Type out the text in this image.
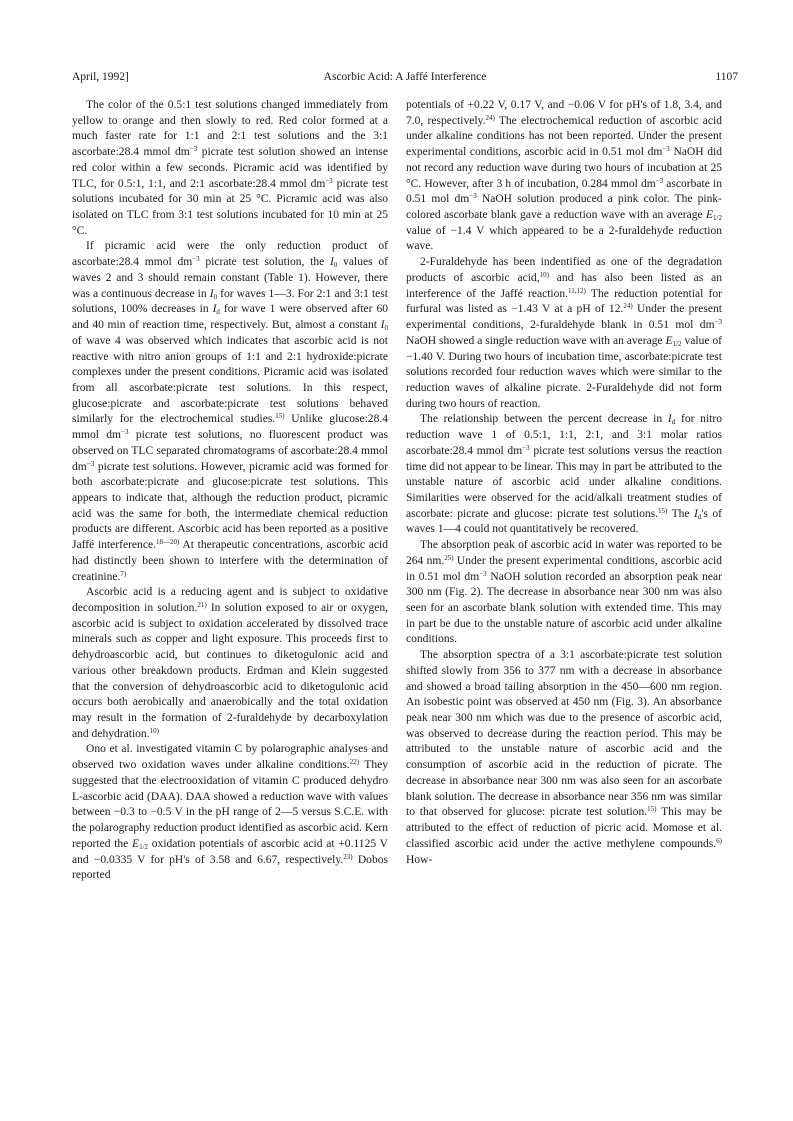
April, 1992]	Ascorbic Acid: A Jaffé Interference	1107

The color of the 0.5:1 test solutions changed immediately from yellow to orange and then slowly to red. Red color formed at a much faster rate for 1:1 and 2:1 test solutions and the 3:1 ascorbate:28.4 mmol $dm^{-3}$ picrate test solution showed an intense red color within a few seconds. Picramic acid was identified by TLC, for 0.5:1, 1:1, and 2:1 ascorbate:28.4 mmol $dm^{-3}$ picrate test solutions incubated for 30 min at 25 °C. Picramic acid was also isolated on TLC from 3:1 test solutions incubated for 10 min at 25 °C.

If picramic acid were the only reduction product of ascorbate:28.4 mmol $dm^{-3}$ picrate test solution, the $I_0$ values of waves 2 and 3 should remain constant (Table 1). However, there was a continuous decrease in $I_0$ for waves 1—3. For 2:1 and 3:1 test solutions, 100% decreases in $I_d$ for wave 1 were observed after 60 and 40 min of reaction time, respectively. But, almost a constant $I_0$ of wave 4 was observed which indicates that ascorbic acid is not reactive with nitro anion groups of 1:1 and 2:1 hydroxide:picrate complexes under the present conditions. Picramic acid was isolated from all ascorbate:picrate test solutions. In this respect, glucose:picrate and ascorbate:picrate test solutions behaved similarly for the electrochemical studies.$^{15)}$ Unlike glucose:28.4 mmol $dm^{-3}$ picrate test solutions, no fluorescent product was observed on TLC separated chromatograms of ascorbate:28.4 mmol $dm^{-3}$ picrate test solutions. However, picramic acid was formed for both ascorbate:picrate and glucose:picrate test solutions. This appears to indicate that, although the reduction product, picramic acid was the same for both, the intermediate chemical reduction products are different. Ascorbic acid has been reported as a positive Jaffé interference.$^{18—20)}$ At therapeutic concentrations, ascorbic acid had distinctly been shown to interfere with the determination of creatinine.$^{7)}$

Ascorbic acid is a reducing agent and is subject to oxidative decomposition in solution.$^{21)}$ In solution exposed to air or oxygen, ascorbic acid is subject to oxidation accelerated by dissolved trace minerals such as copper and light exposure. This proceeds first to dehydroascorbic acid, but continues to diketogulonic acid and various other breakdown products. Erdman and Klein suggested that the conversion of dehydroascorbic acid to diketogulonic acid occurs both aerobically and anaerobically and the total oxidation may result in the formation of 2-furaldehyde by decarboxylation and dehydration.$^{10)}$

Ono et al. investigated vitamin C by polarographic analyses and observed two oxidation waves under alkaline conditions.$^{22)}$ They suggested that the electrooxidation of vitamin C produced dehydro L-ascorbic acid (DAA). DAA showed a reduction wave with values between −0.3 to −0.5 V in the pH range of 2—5 versus S.C.E. with the polarography reduction product identified as ascorbic acid. Kern reported the $E_{1/2}$ oxidation potentials of ascorbic acid at +0.1125 V and −0.0335 V for pH's of 3.58 and 6.67, respectively.$^{23)}$ Dobos reported

potentials of +0.22 V, 0.17 V, and −0.06 V for pH's of 1.8, 3.4, and 7.0, respectively.$^{24)}$ The electrochemical reduction of ascorbic acid under alkaline conditions has not been reported. Under the present experimental conditions, ascorbic acid in 0.51 mol $dm^{-3}$ NaOH did not record any reduction wave during two hours of incubation at 25 °C. However, after 3 h of incubation, 0.284 mmol $dm^{-3}$ ascorbate in 0.51 mol $dm^{-3}$ NaOH solution produced a pink color. The pink-colored ascorbate blank gave a reduction wave with an average $E_{1/2}$ value of −1.4 V which appeared to be a 2-furaldehyde reduction wave.

2-Furaldehyde has been indentified as one of the degradation products of ascorbic acid,$^{10)}$ and has also been listed as an interference of the Jaffé reaction.$^{11,12)}$ The reduction potential for furfural was listed as −1.43 V at a pH of 12.$^{24)}$ Under the present experimental conditions, 2-furaldehyde blank in 0.51 mol $dm^{-3}$ NaOH showed a single reduction wave with an average $E_{1/2}$ value of −1.40 V. During two hours of incubation time, ascorbate:picrate test solutions recorded four reduction waves which were similar to the reduction waves of alkaline picrate. 2-Furaldehyde did not form during two hours of reaction.

The relationship between the percent decrease in $I_d$ for nitro reduction wave 1 of 0.5:1, 1:1, 2:1, and 3:1 molar ratios ascorbate:28.4 mmol $dm^{-3}$ picrate test solutions versus the reaction time did not appear to be linear. This may in part be attributed to the unstable nature of ascorbic acid under alkaline conditions. Similarities were observed for the acid/alkali treatment studies of ascorbate: picrate and glucose: picrate test solutions.$^{15)}$ The $I_d's$ of waves 1—4 could not quantitatively be recovered.

The absorption peak of ascorbic acid in water was reported to be 264 nm.$^{25)}$ Under the present experimental conditions, ascorbic acid in 0.51 mol $dm^{-3}$ NaOH solution recorded an absorption peak near 300 nm (Fig. 2). The decrease in absorbance near 300 nm was also seen for an ascorbate blank solution with extended time. This may in part be due to the unstable nature of ascorbic acid under alkaline conditions.

The absorption spectra of a 3:1 ascorbate:picrate test solution shifted slowly from 356 to 377 nm with a decrease in absorbance and showed a broad tailing absorption in the 450—600 nm region. An isobestic point was observed at 450 nm (Fig. 3). An absorbance peak near 300 nm which was due to the presence of ascorbic acid, was observed to decrease during the reaction period. This may be attributed to the unstable nature of ascorbic acid and the consumption of ascorbic acid in the reduction of picrate. The decrease in absorbance near 300 nm was also seen for an ascorbate blank solution. The decrease in absorbance near 356 nm was similar to that observed for glucose: picrate test solution.$^{15)}$ This may be attributed to the effect of reduction of picric acid. Momose et al. classified ascorbic acid under the active methylene compounds.$^{6)}$ How-
